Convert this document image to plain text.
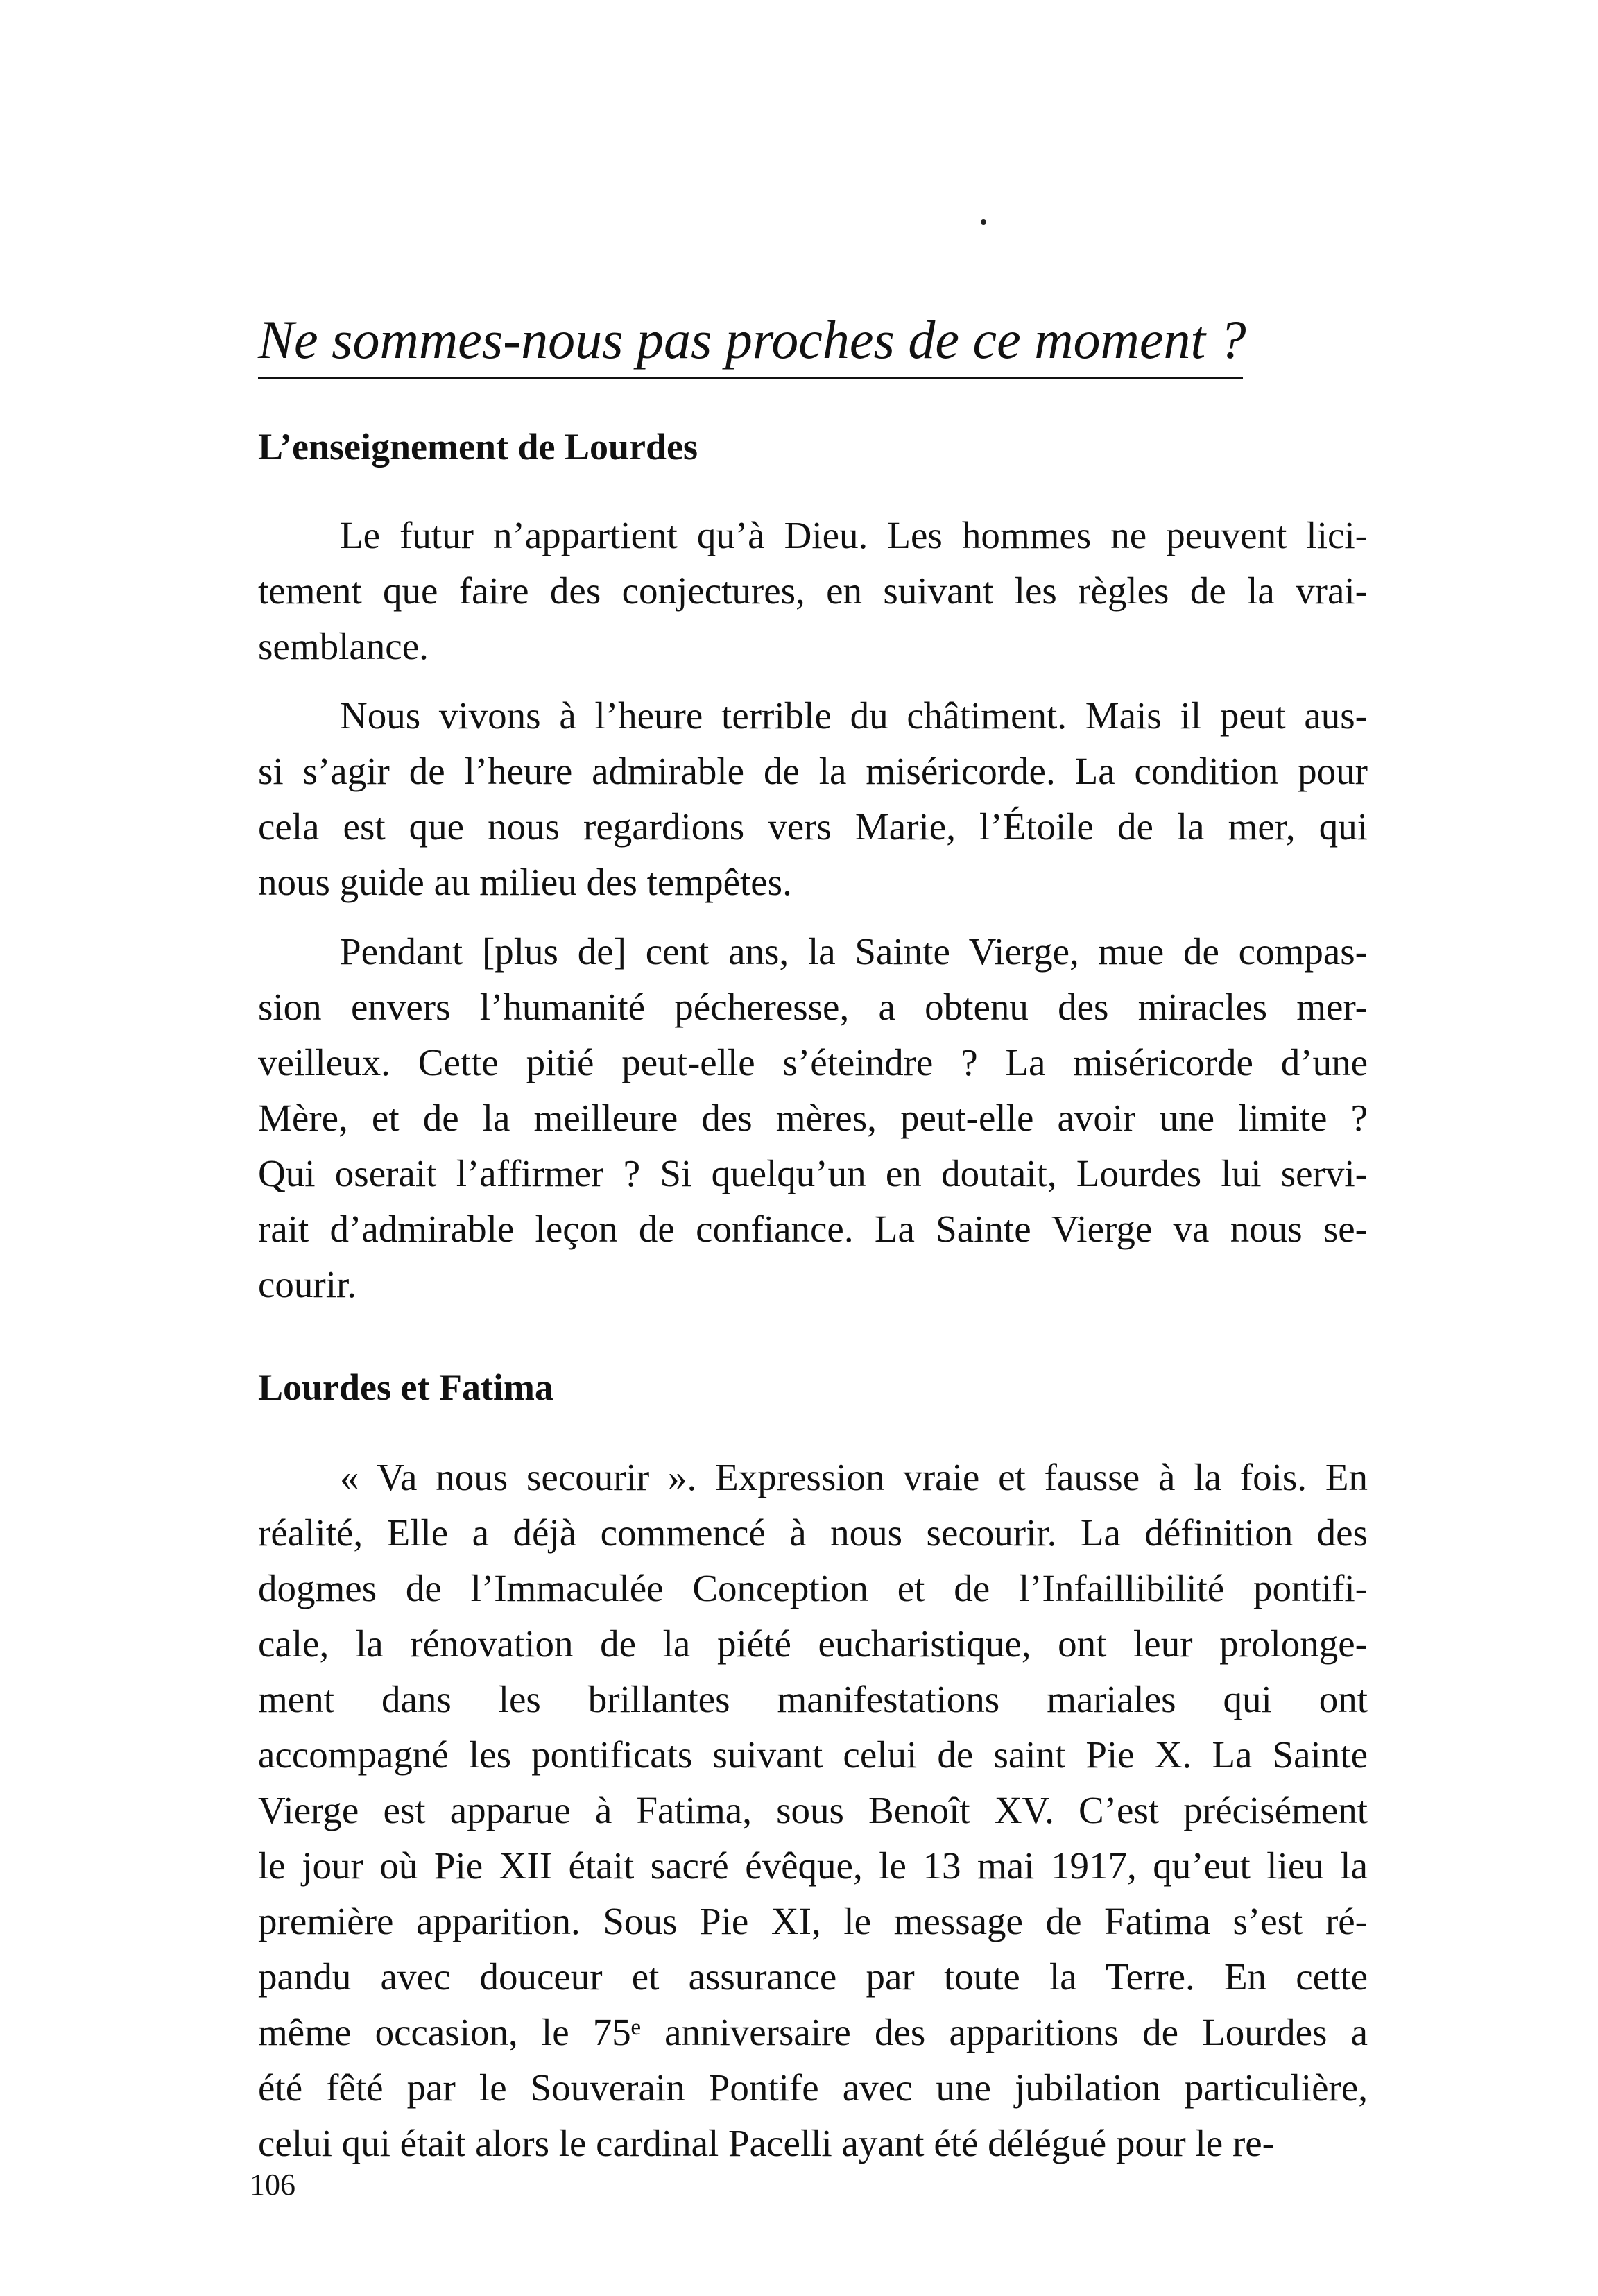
Ne sommes-nous pas proches de ce moment ?
L’enseignement de Lourdes
Le futur n’appartient qu’à Dieu. Les hommes ne peuvent lici-
tement que faire des conjectures, en suivant les règles de la vrai-
semblance.
Nous vivons à l’heure terrible du châtiment. Mais il peut aus-
si s’agir de l’heure admirable de la miséricorde. La condition pour
cela est que nous regardions vers Marie, l’Étoile de la mer, qui
nous guide au milieu des tempêtes.
Pendant [plus de] cent ans, la Sainte Vierge, mue de compas-
sion envers l’humanité pécheresse, a obtenu des miracles mer-
veilleux. Cette pitié peut-elle s’éteindre ? La miséricorde d’une
Mère, et de la meilleure des mères, peut-elle avoir une limite ?
Qui oserait l’affirmer ? Si quelqu’un en doutait, Lourdes lui servi-
rait d’admirable leçon de confiance. La Sainte Vierge va nous se-
courir.
Lourdes et Fatima
« Va nous secourir ». Expression vraie et fausse à la fois. En
réalité, Elle a déjà commencé à nous secourir. La définition des
dogmes de l’Immaculée Conception et de l’Infaillibilité pontifi-
cale, la rénovation de la piété eucharistique, ont leur prolonge-
ment dans les brillantes manifestations mariales qui ont
accompagné les pontificats suivant celui de saint Pie X. La Sainte
Vierge est apparue à Fatima, sous Benoît XV. C’est précisément
le jour où Pie XII était sacré évêque, le 13 mai 1917, qu’eut lieu la
première apparition. Sous Pie XI, le message de Fatima s’est ré-
pandu avec douceur et assurance par toute la Terre. En cette
même occasion, le 75ᵉ anniversaire des apparitions de Lourdes a
été fêté par le Souverain Pontife avec une jubilation particulière,
celui qui était alors le cardinal Pacelli ayant été délégué pour le re-
106
